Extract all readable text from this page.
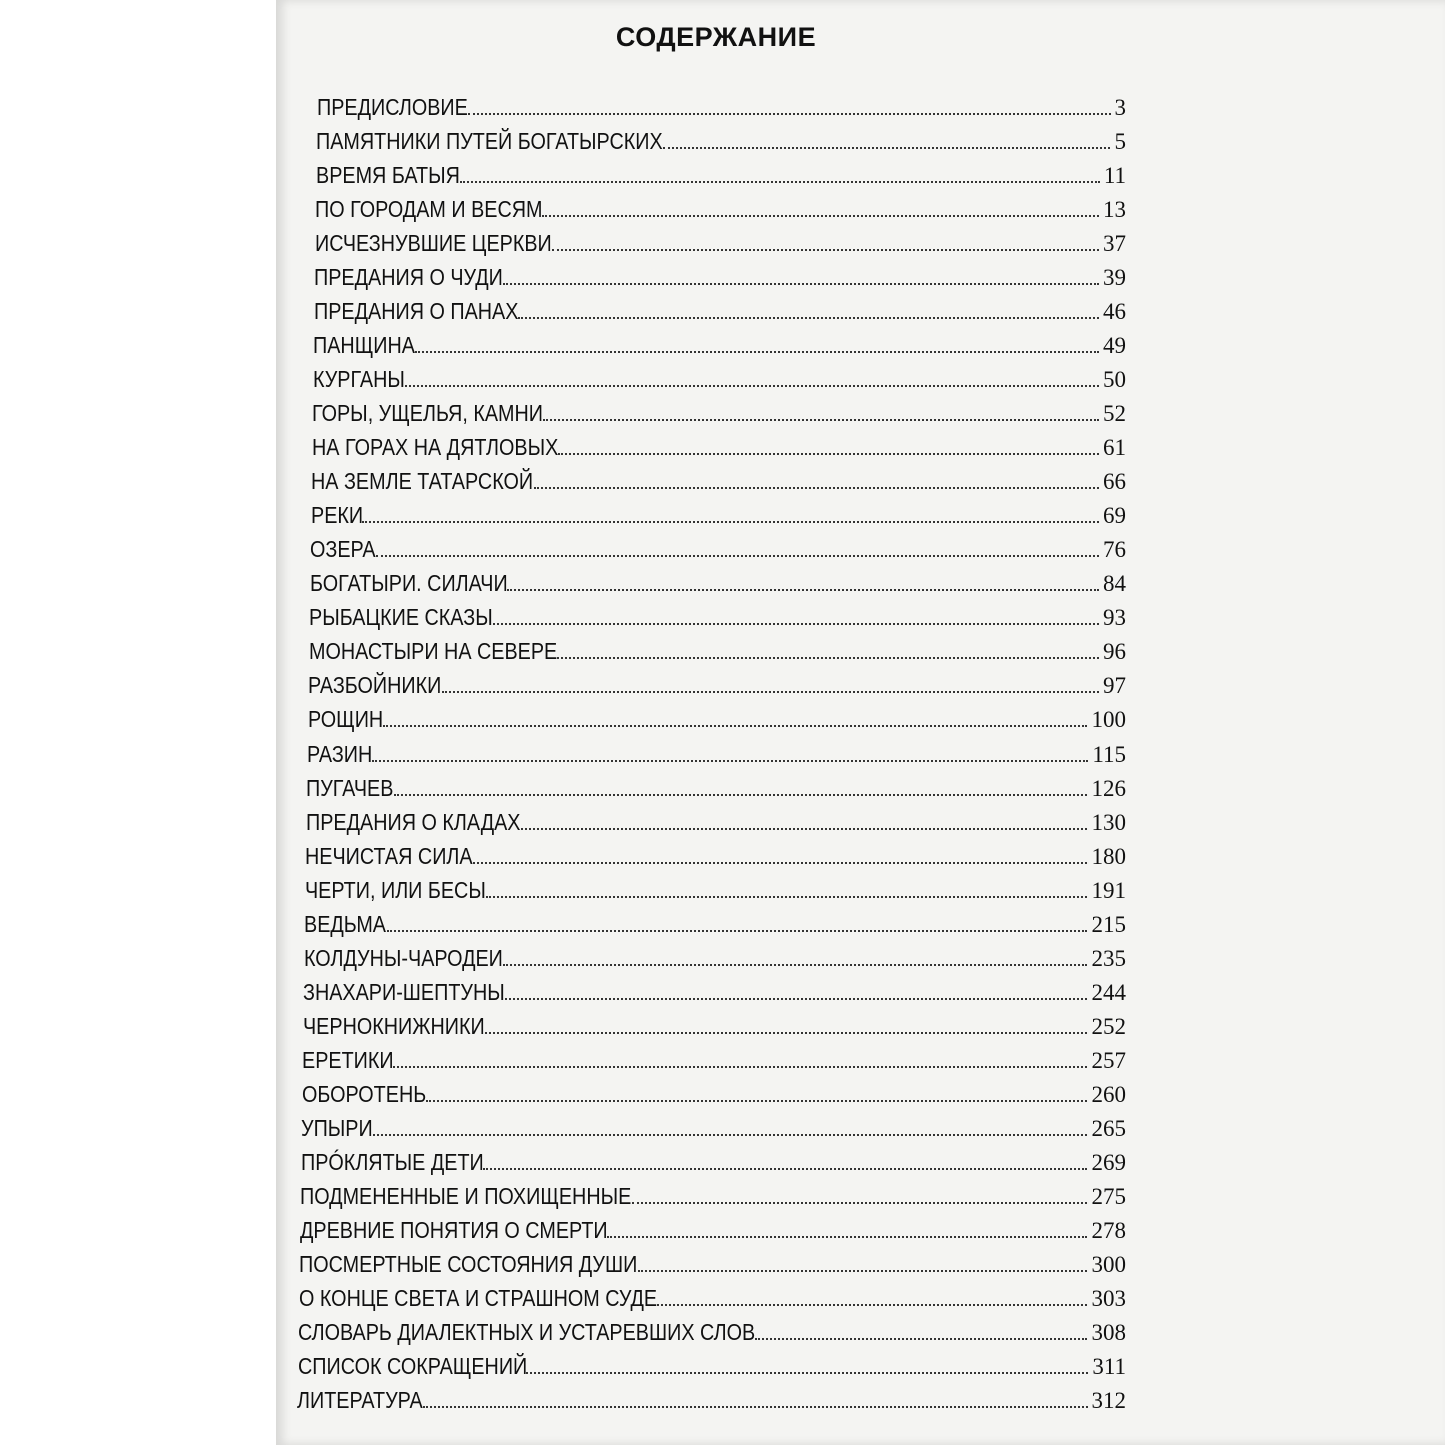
СОДЕРЖАНИЕ
ПРЕДИСЛОВИЕ	3
ПАМЯТНИКИ ПУТЕЙ БОГАТЫРСКИХ	5
ВРЕМЯ БАТЫЯ	11
ПО ГОРОДАМ И ВЕСЯМ	13
ИСЧЕЗНУВШИЕ ЦЕРКВИ	37
ПРЕДАНИЯ О ЧУДИ	39
ПРЕДАНИЯ О ПАНАХ	46
ПАНЩИНА	49
КУРГАНЫ	50
ГОРЫ, УЩЕЛЬЯ, КАМНИ	52
НА ГОРАХ НА ДЯТЛОВЫХ	61
НА ЗЕМЛЕ ТАТАРСКОЙ	66
РЕКИ	69
ОЗЕРА	76
БОГАТЫРИ. СИЛАЧИ	84
РЫБАЦКИЕ СКАЗЫ	93
МОНАСТЫРИ НА СЕВЕРЕ	96
РАЗБОЙНИКИ	97
РОЩИН	100
РАЗИН	115
ПУГАЧЕВ	126
ПРЕДАНИЯ О КЛАДАХ	130
НЕЧИСТАЯ СИЛА	180
ЧЕРТИ, ИЛИ БЕСЫ	191
ВЕДЬМА	215
КОЛДУНЫ-ЧАРОДЕИ	235
ЗНАХАРИ-ШЕПТУНЫ	244
ЧЕРНОКНИЖНИКИ	252
ЕРЕТИКИ	257
ОБОРОТЕНЬ	260
УПЫРИ	265
ПРÓКЛЯТЫЕ ДЕТИ	269
ПОДМЕНЕННЫЕ И ПОХИЩЕННЫЕ	275
ДРЕВНИЕ ПОНЯТИЯ О СМЕРТИ	278
ПОСМЕРТНЫЕ СОСТОЯНИЯ ДУШИ	300
О КОНЦЕ СВЕТА И СТРАШНОМ СУДЕ	303
СЛОВАРЬ ДИАЛЕКТНЫХ И УСТАРЕВШИХ СЛОВ	308
СПИСОК СОКРАЩЕНИЙ	311
ЛИТЕРАТУРА	312
